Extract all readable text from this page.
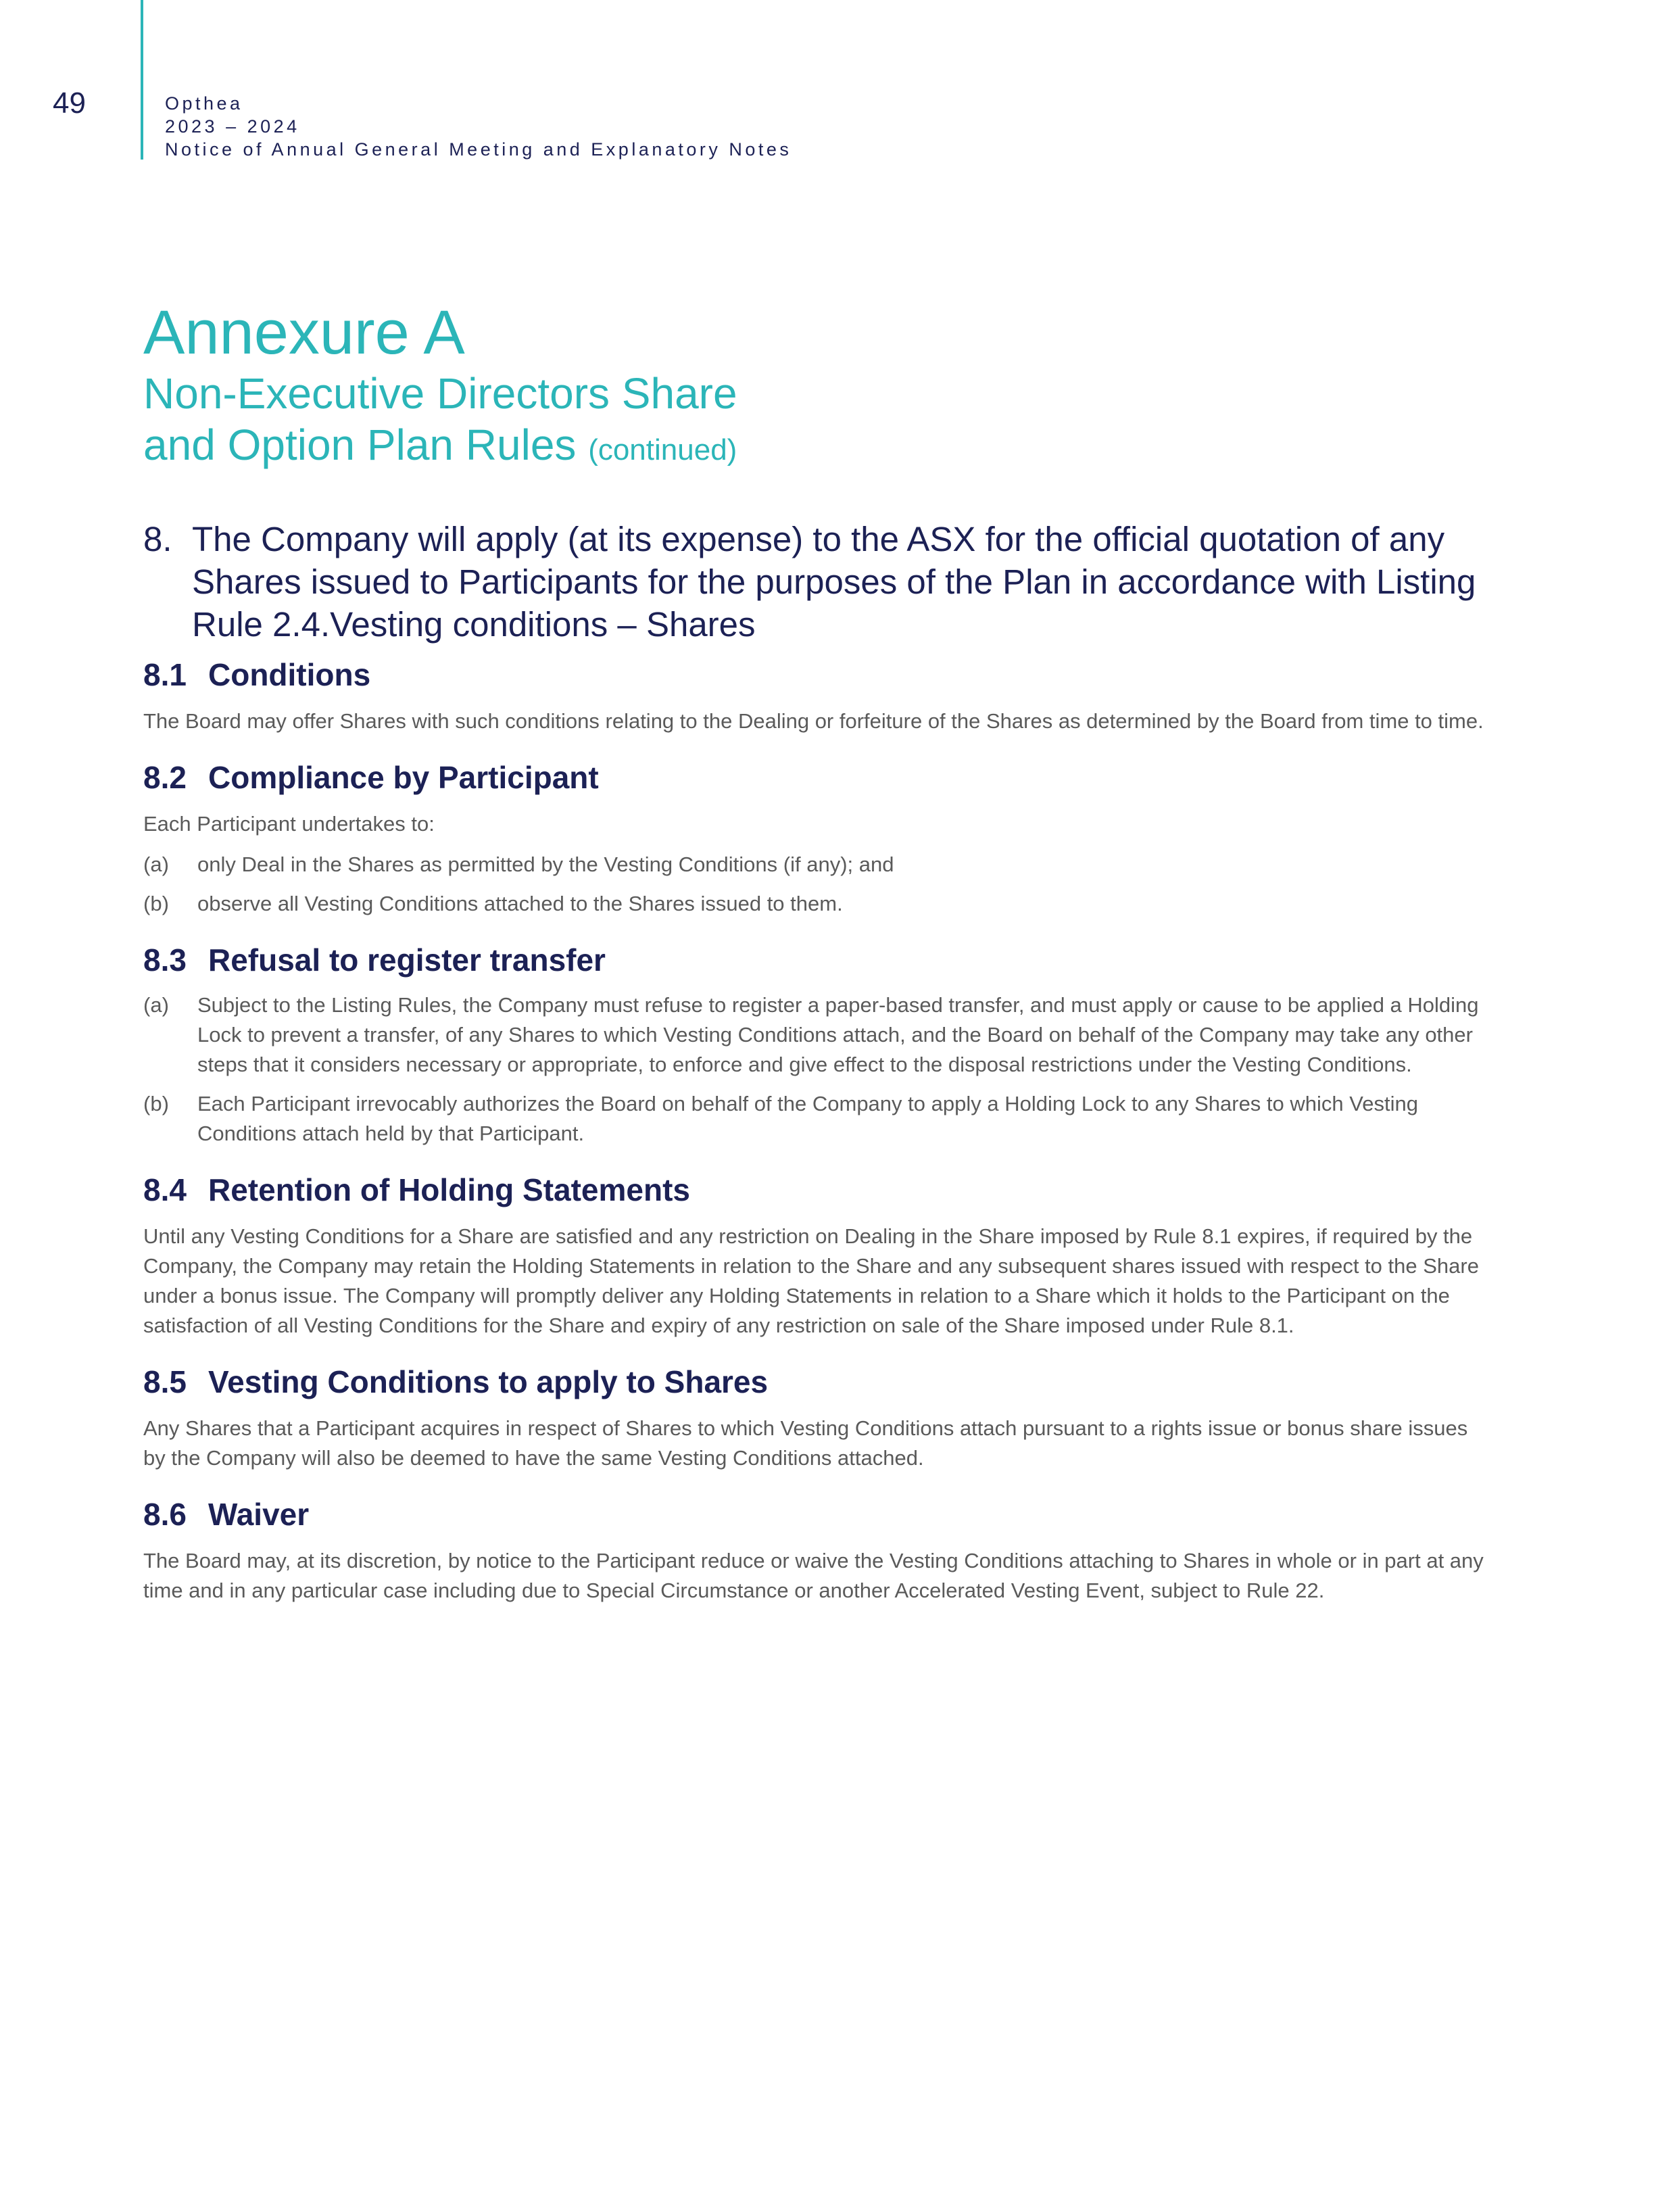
49	Opthea
2023 – 2024
Notice of Annual General Meeting and Explanatory Notes
Annexure A
Non-Executive Directors Share
and Option Plan Rules (continued)
8. The Company will apply (at its expense) to the ASX for the official quotation of any Shares issued to Participants for the purposes of the Plan in accordance with Listing Rule 2.4.Vesting conditions – Shares
8.1 Conditions

The Board may offer Shares with such conditions relating to the Dealing or forfeiture of the Shares as determined by the Board from time to time.

8.2 Compliance by Participant

Each Participant undertakes to:

(a) only Deal in the Shares as permitted by the Vesting Conditions (if any); and
(b) observe all Vesting Conditions attached to the Shares issued to them.
8.3 Refusal to register transfer
(a) Subject to the Listing Rules, the Company must refuse to register a paper-based transfer, and must apply or cause to be applied a Holding Lock to prevent a transfer, of any Shares to which Vesting Conditions attach, and the Board on behalf of the Company may take any other steps that it considers necessary or appropriate, to enforce and give effect to the disposal restrictions under the Vesting Conditions.
(b) Each Participant irrevocably authorizes the Board on behalf of the Company to apply a Holding Lock to any Shares to which Vesting Conditions attach held by that Participant.
8.4 Retention of Holding Statements

Until any Vesting Conditions for a Share are satisfied and any restriction on Dealing in the Share imposed by Rule 8.1 expires, if required by the Company, the Company may retain the Holding Statements in relation to the Share and any subsequent shares issued with respect to the Share under a bonus issue. The Company will promptly deliver any Holding Statements in relation to a Share which it holds to the Participant on the satisfaction of all Vesting Conditions for the Share and expiry of any restriction on sale of the Share imposed under Rule 8.1.

8.5 Vesting Conditions to apply to Shares

Any Shares that a Participant acquires in respect of Shares to which Vesting Conditions attach pursuant to a rights issue or bonus share issues by the Company will also be deemed to have the same Vesting Conditions attached.

8.6 Waiver

The Board may, at its discretion, by notice to the Participant reduce or waive the Vesting Conditions attaching to Shares in whole or in part at any time and in any particular case including due to Special Circumstance or another Accelerated Vesting Event, subject to Rule 22.
